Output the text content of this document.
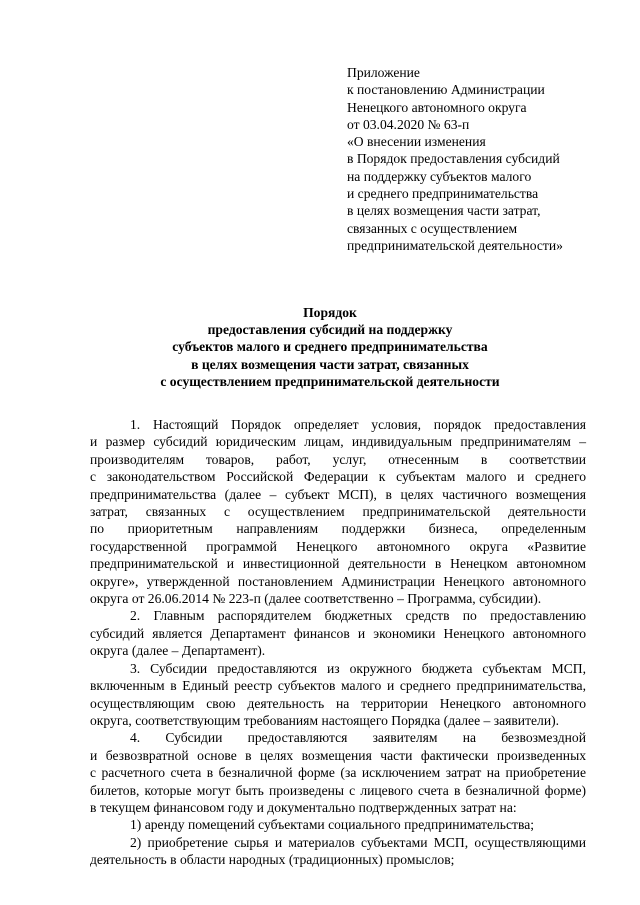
Приложение
к постановлению Администрации
Ненецкого автономного округа
от 03.04.2020 № 63-п
«О внесении изменения
в Порядок предоставления субсидий
на поддержку субъектов малого
и среднего предпринимательства
в целях возмещения части затрат,
связанных с осуществлением
предпринимательской деятельности»
Порядок
предоставления субсидий на поддержку
субъектов малого и среднего предпринимательства
в целях возмещения части затрат, связанных
с осуществлением предпринимательской деятельности
1. Настоящий Порядок определяет условия, порядок предоставления
и размер субсидий юридическим лицам, индивидуальным предпринимателям –
производителям товаров, работ, услуг, отнесенным в соответствии
с законодательством Российской Федерации к субъектам малого и среднего
предпринимательства (далее – субъект МСП), в целях частичного возмещения
затрат, связанных с осуществлением предпринимательской деятельности
по приоритетным направлениям поддержки бизнеса, определенным
государственной программой Ненецкого автономного округа «Развитие
предпринимательской и инвестиционной деятельности в Ненецком автономном
округе», утвержденной постановлением Администрации Ненецкого автономного
округа от 26.06.2014 № 223-п (далее соответственно – Программа, субсидии).
2. Главным распорядителем бюджетных средств по предоставлению
субсидий является Департамент финансов и экономики Ненецкого автономного
округа (далее – Департамент).
3. Субсидии предоставляются из окружного бюджета субъектам МСП,
включенным в Единый реестр субъектов малого и среднего предпринимательства,
осуществляющим свою деятельность на территории Ненецкого автономного
округа, соответствующим требованиям настоящего Порядка (далее – заявители).
4. Субсидии предоставляются заявителям на безвозмездной
и безвозвратной основе в целях возмещения части фактически произведенных
с расчетного счета в безналичной форме (за исключением затрат на приобретение
билетов, которые могут быть произведены с лицевого счета в безналичной форме)
в текущем финансовом году и документально подтвержденных затрат на:
1) аренду помещений субъектами социального предпринимательства;
2) приобретение сырья и материалов субъектами МСП, осуществляющими
деятельность в области народных (традиционных) промыслов;
